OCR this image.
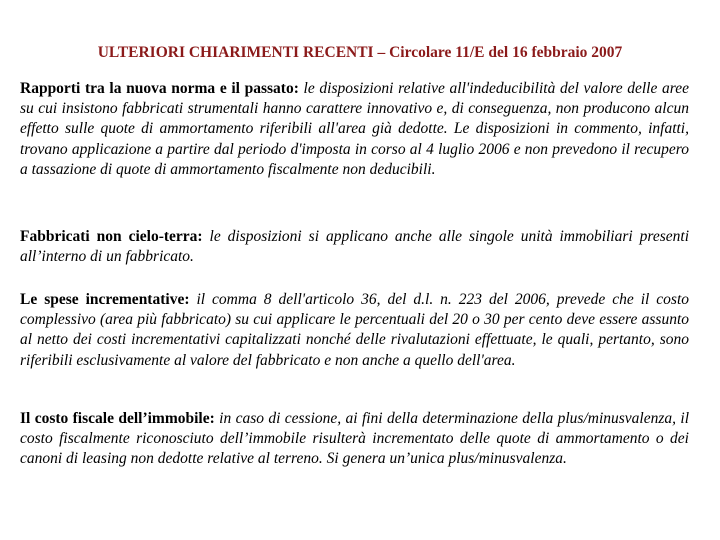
ULTERIORI CHIARIMENTI RECENTI – Circolare 11/E del 16 febbraio 2007

Rapporti tra la nuova norma e il passato: le disposizioni relative all'indeducibilità del valore delle aree su cui insistono fabbricati strumentali hanno carattere innovativo e, di conseguenza, non producono alcun effetto sulle quote di ammortamento riferibili all'area già dedotte. Le disposizioni in commento, infatti, trovano applicazione a partire dal periodo d'imposta in corso al 4 luglio 2006 e non prevedono il recupero a tassazione di quote di ammortamento fiscalmente non deducibili.

Fabbricati non cielo-terra: le disposizioni si applicano anche alle singole unità immobiliari presenti all’interno di un fabbricato.

Le spese incrementative: il comma 8 dell'articolo 36, del d.l. n. 223 del 2006, prevede che il costo complessivo (area più fabbricato) su cui applicare le percentuali del 20 o 30 per cento deve essere assunto al netto dei costi incrementativi capitalizzati nonché delle rivalutazioni effettuate, le quali, pertanto, sono riferibili esclusivamente al valore del fabbricato e non anche a quello dell'area.

Il costo fiscale dell’immobile: in caso di cessione, ai fini della determinazione della plus/minusvalenza, il costo fiscalmente riconosciuto dell’immobile risulterà incrementato delle quote di ammortamento o dei canoni di leasing non dedotte relative al terreno. Si genera un’unica plus/minusvalenza.
